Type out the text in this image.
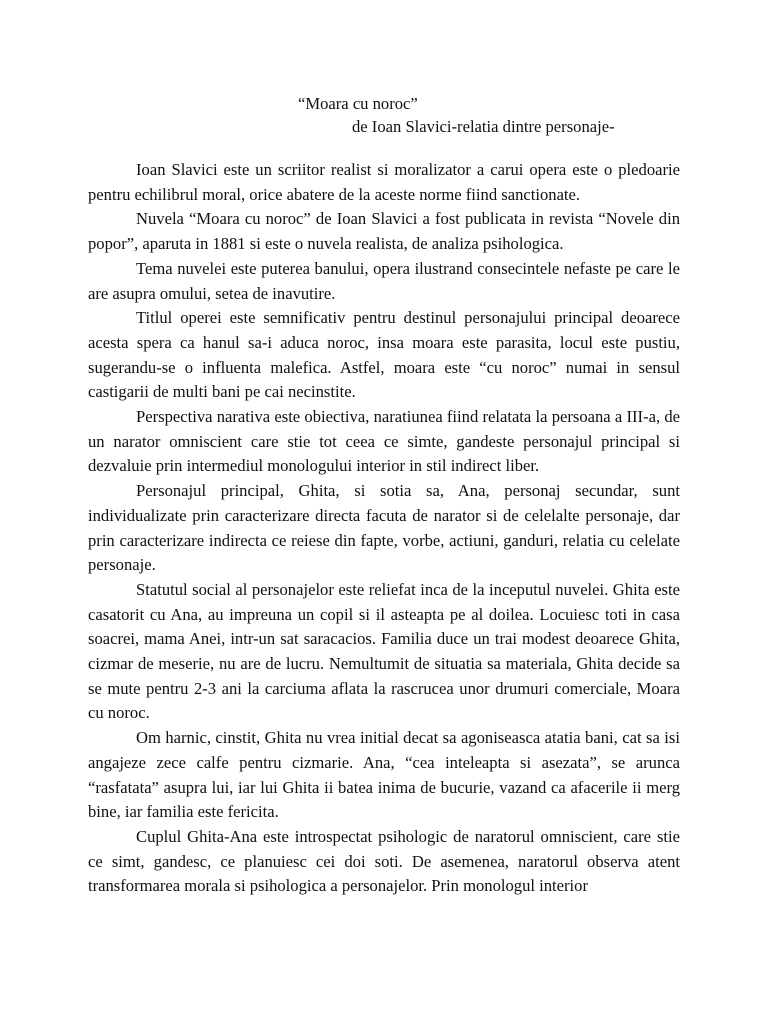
“Moara cu noroc”
de Ioan Slavici-relatia dintre personaje-

Ioan Slavici este un scriitor realist si moralizator a carui opera este o pledoarie pentru echilibrul moral, orice abatere de la aceste norme fiind sanctionate.

Nuvela “Moara cu noroc” de Ioan Slavici a fost publicata in revista “Novele din popor”, aparuta in 1881 si este o nuvela realista, de analiza psihologica.

Tema nuvelei este puterea banului, opera ilustrand consecintele nefaste pe care le are asupra omului, setea de inavutire.

Titlul operei este semnificativ pentru destinul personajului principal deoarece acesta spera ca hanul sa-i aduca noroc, insa moara este parasita, locul este pustiu, sugerandu-se o influenta malefica. Astfel, moara este “cu noroc” numai in sensul castigarii de multi bani pe cai necinstite.

Perspectiva narativa este obiectiva, naratiunea fiind relatata la persoana a III-a, de un narator omniscient care stie tot ceea ce simte, gandeste personajul principal si dezvaluie prin intermediul monologului interior in stil indirect liber.

Personajul principal, Ghita, si sotia sa, Ana, personaj secundar, sunt individualizate prin caracterizare directa facuta de narator si de celelalte personaje, dar prin caracterizare indirecta ce reiese din fapte, vorbe, actiuni, ganduri, relatia cu celelate personaje.

Statutul social al personajelor este reliefat inca de la inceputul nuvelei. Ghita este casatorit cu Ana, au impreuna un copil si il asteapta pe al doilea. Locuiesc toti in casa soacrei, mama Anei, intr-un sat saracacios. Familia duce un trai modest deoarece Ghita, cizmar de meserie, nu are de lucru. Nemultumit de situatia sa materiala, Ghita decide sa se mute pentru 2-3 ani la carciuma aflata la rascrucea unor drumuri comerciale, Moara cu noroc.

Om harnic, cinstit, Ghita nu vrea initial decat sa agoniseasca atatia bani, cat sa isi angajeze zece calfe pentru cizmarie. Ana, “cea inteleapta si asezata”, se arunca “rasfatata” asupra lui, iar lui Ghita ii batea inima de bucurie, vazand ca afacerile ii merg bine, iar familia este fericita.

Cuplul Ghita-Ana este introspectat psihologic de naratorul omniscient, care stie ce simt, gandesc, ce planuiesc cei doi soti. De asemenea, naratorul observa atent transformarea morala si psihologica a personajelor. Prin monologul interior
